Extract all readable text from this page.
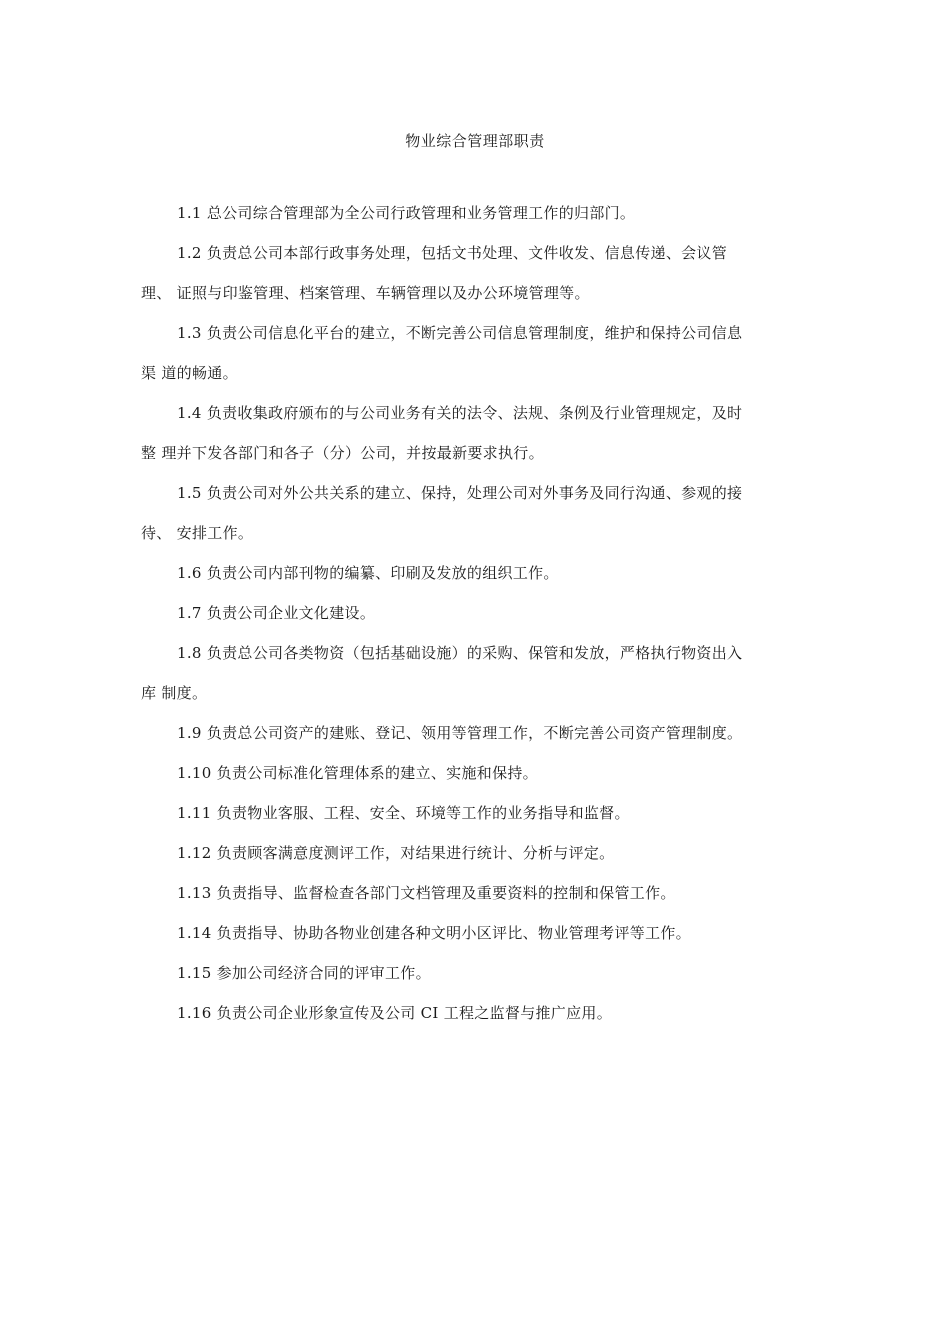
物业综合管理部职责
1.1 总公司综合管理部为全公司行政管理和业务管理工作的归部门。
1.2 负责总公司本部行政事务处理，包括文书处理、文件收发、信息传递、会议管
理、 证照与印鉴管理、档案管理、车辆管理以及办公环境管理等。
1.3 负责公司信息化平台的建立，不断完善公司信息管理制度，维护和保持公司信息
渠 道的畅通。
1.4 负责收集政府颁布的与公司业务有关的法令、法规、条例及行业管理规定，及时
整 理并下发各部门和各子（分）公司，并按最新要求执行。
1.5 负责公司对外公共关系的建立、保持，处理公司对外事务及同行沟通、参观的接
待、 安排工作。
1.6 负责公司内部刊物的编纂、印刷及发放的组织工作。
1.7 负责公司企业文化建设。
1.8 负责总公司各类物资（包括基础设施）的采购、保管和发放，严格执行物资出入
库 制度。
1.9 负责总公司资产的建账、登记、领用等管理工作，不断完善公司资产管理制度。
1.10 负责公司标准化管理体系的建立、实施和保持。
1.11 负责物业客服、工程、安全、环境等工作的业务指导和监督。
1.12 负责顾客满意度测评工作，对结果进行统计、分析与评定。
1.13 负责指导、监督检查各部门文档管理及重要资料的控制和保管工作。
1.14 负责指导、协助各物业创建各种文明小区评比、物业管理考评等工作。
1.15 参加公司经济合同的评审工作。
1.16 负责公司企业形象宣传及公司 CI 工程之监督与推广应用。
